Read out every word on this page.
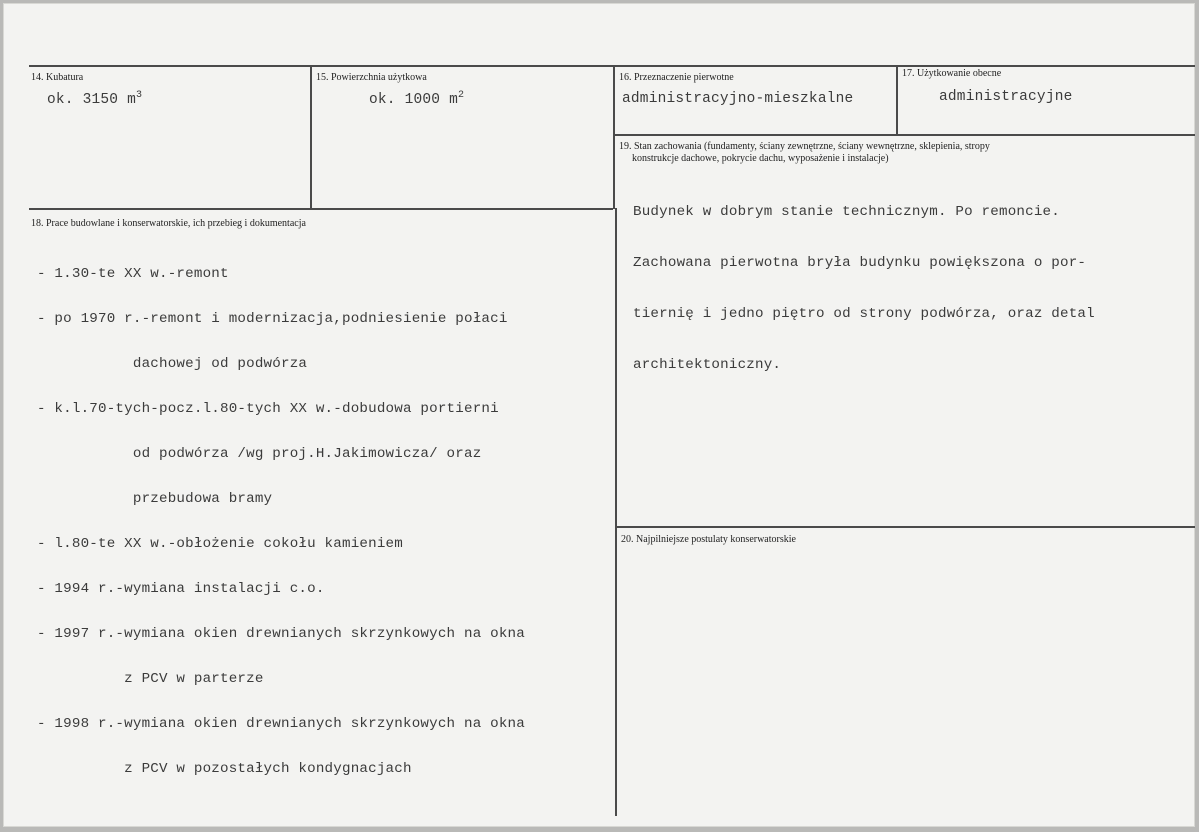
14. Kubatura
ok. 3150 $m^3$
15. Powierzchnia użytkowa
ok. 1000 $m^2$
16. Przeznaczenie pierwotne
administracyjno-mieszkalne
17. Użytkowanie obecne
administracyjne
18. Prace budowlane i konserwatorskie, ich przebieg i dokumentacja

- 1.30-te XX w.-remont

- po 1970 r.-remont i modernizacja,podniesienie połaci

dachowej od podwórza

- k.l.70-tych-pocz.l.80-tych XX w.-dobudowa portierni

od podwórza /wg proj.H.Jakimowicza/ oraz

przebudowa bramy

- l.80-te XX w.-obłożenie cokołu kamieniem

- 1994 r.-wymiana instalacji c.o.

- 1997 r.-wymiana okien drewnianych skrzynkowych na okna

z PCV w parterze

- 1998 r.-wymiana okien drewnianych skrzynkowych na okna

z PCV w pozostałych kondygnacjach

19. Stan zachowania (fundamenty, ściany zewnętrzne, ściany wewnętrzne, sklepienia, stropy
konstrukcje dachowe, pokrycie dachu, wyposażenie i instalacje)

Budynek w dobrym stanie technicznym. Po remoncie.

Zachowana pierwotna bryła budynku powiększona o por-

tiernię i jedno piętro od strony podwórza, oraz detal

architektoniczny.

20. Najpilniejsze postulaty konserwatorskie
